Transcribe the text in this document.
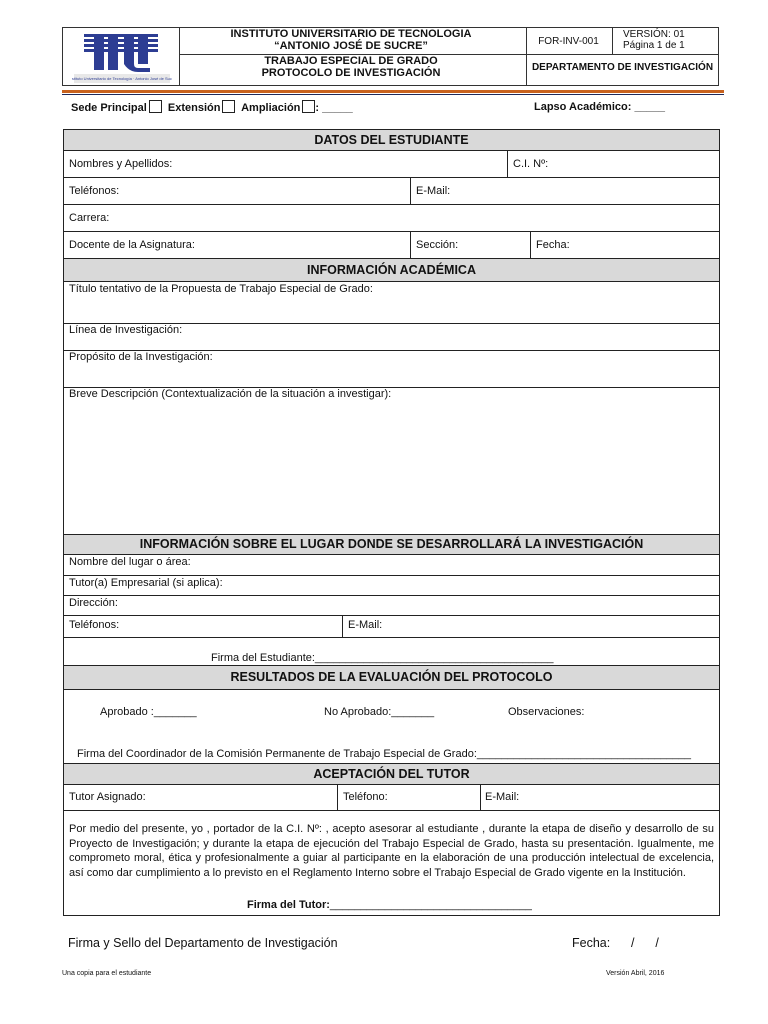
Instituto Universitario de Tecnología · Antonio José de Sucre
INSTITUTO UNIVERSITARIO DE TECNOLOGIA
“ANTONIO JOSÉ DE SUCRE”
TRABAJO ESPECIAL DE GRADO
PROTOCOLO DE INVESTIGACIÓN
FOR-INV-001
VERSIÓN: 01
Página 1 de 1
DEPARTAMENTO DE INVESTIGACIÓN
Sede Principal Extensión Ampliación : _____	Lapso Académico: _____
DATOS DEL ESTUDIANTE
Nombres y Apellidos:	C.I. Nº:
Teléfonos:	E-Mail:
Carrera:
Docente de la Asignatura:	Sección:	Fecha:
INFORMACIÓN ACADÉMICA
Título tentativo de la Propuesta de Trabajo Especial de Grado:
Línea de Investigación:
Propósito de la Investigación:
Breve Descripción (Contextualización de la situación a investigar):
INFORMACIÓN SOBRE EL LUGAR DONDE SE DESARROLLARÁ LA INVESTIGACIÓN
Nombre del lugar o área:
Tutor(a) Empresarial (si aplica):
Dirección:
Teléfonos:	E-Mail:
Firma del Estudiante:_______________________________________
RESULTADOS DE LA EVALUACIÓN DEL PROTOCOLO
Aprobado :_______	No Aprobado:_______	Observaciones:
Firma del Coordinador de la Comisión Permanente de Trabajo Especial de Grado:___________________________________
ACEPTACIÓN DEL TUTOR
Tutor Asignado:	Teléfono:	E-Mail:
Por medio del presente, yo , portador de la C.I. Nº: , acepto asesorar al estudiante , durante la etapa de diseño y desarrollo de su Proyecto de Investigación; y durante la etapa de ejecución del Trabajo Especial de Grado, hasta su presentación. Igualmente, me comprometo moral, ética y profesionalmente a guiar al participante en la elaboración de una producción intelectual de excelencia, así como dar cumplimiento a lo previsto en el Reglamento Interno sobre el Trabajo Especial de Grado vigente en la Institución.
Firma del Tutor:_________________________________
Firma y Sello del Departamento de Investigación	Fecha:      /      /
Una copia para el estudiante	Versión Abril, 2016
